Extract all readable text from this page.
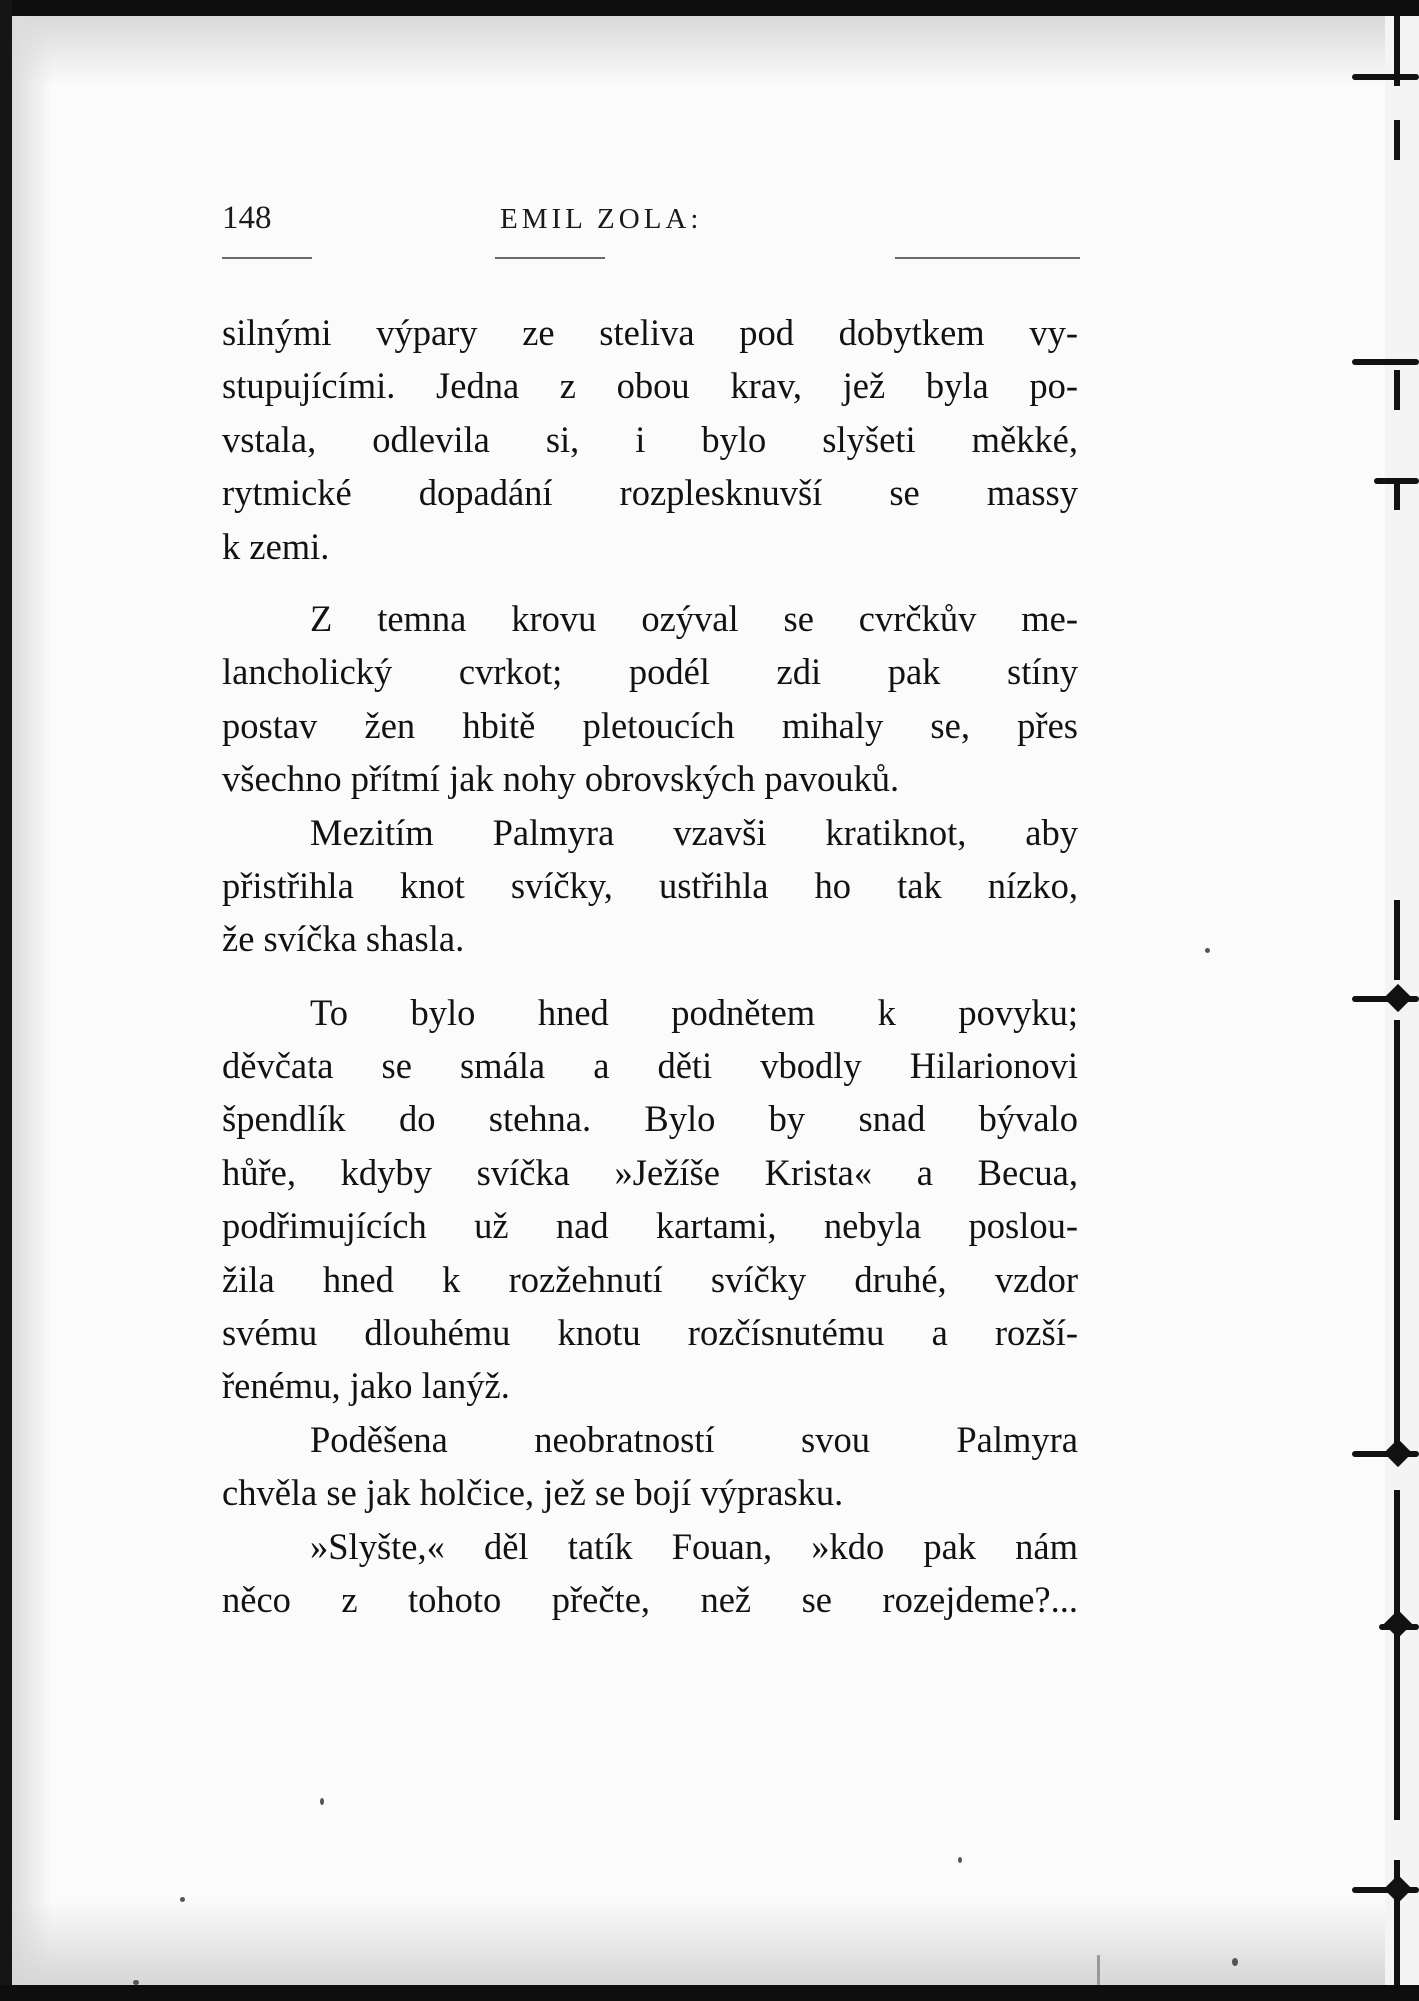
148	EMIL ZOLA:

silnými výpary ze steliva pod dobytkem vy-
stupujícími. Jedna z obou krav, jež byla po-
vstala, odlevila si, i bylo slyšeti měkké,
rytmické dopadání rozplesknuvší se massy
k zemi.

Z temna krovu ozýval se cvrčkův me-
lancholický cvrkot; podél zdi pak stíny
postav žen hbitě pletoucích mihaly se, přes
všechno přítmí jak nohy obrovských pavouků.

Mezitím Palmyra vzavši kratiknot, aby
přistřihla knot svíčky, ustřihla ho tak nízko,
že svíčka shasla.

To bylo hned podnětem k povyku;
děvčata se smála a děti vbodly Hilarionovi
špendlík do stehna. Bylo by snad bývalo
hůře, kdyby svíčka »Ježíše Krista« a Becua,
podřimujících už nad kartami, nebyla poslou-
žila hned k rozžehnutí svíčky druhé, vzdor
svému dlouhému knotu rozčísnutému a rozší-
řenému, jako lanýž.

Poděšena neobratností svou Palmyra
chvěla se jak holčice, jež se bojí výprasku.

»Slyšte,« děl tatík Fouan, »kdo pak nám
něco z tohoto přečte, než se rozejdeme?...
